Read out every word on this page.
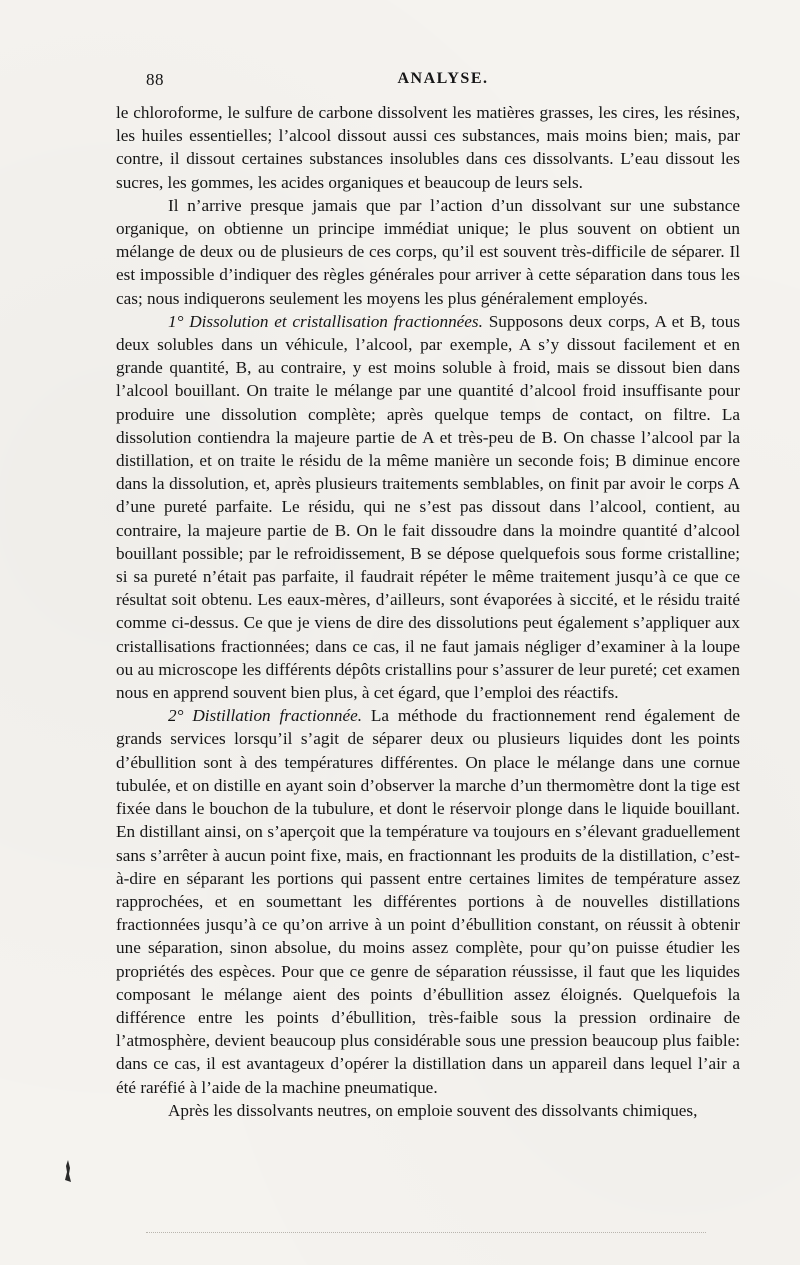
88	ANALYSE.

le chloroforme, le sulfure de carbone dissolvent les matières grasses, les cires, les résines, les huiles essentielles; l’alcool dissout aussi ces substances, mais moins bien; mais, par contre, il dissout certaines substances insolubles dans ces dissolvants. L’eau dissout les sucres, les gommes, les acides organiques et beaucoup de leurs sels.

Il n’arrive presque jamais que par l’action d’un dissolvant sur une substance organique, on obtienne un principe immédiat unique; le plus souvent on obtient un mélange de deux ou de plusieurs de ces corps, qu’il est souvent très-difficile de séparer. Il est impossible d’indiquer des règles générales pour arriver à cette séparation dans tous les cas; nous indiquerons seulement les moyens les plus généralement employés.

1° Dissolution et cristallisation fractionnées. Supposons deux corps, A et B, tous deux solubles dans un véhicule, l’alcool, par exemple, A s’y dissout facilement et en grande quantité, B, au contraire, y est moins soluble à froid, mais se dissout bien dans l’alcool bouillant. On traite le mélange par une quantité d’alcool froid insuffisante pour produire une dissolution complète; après quelque temps de contact, on filtre. La dissolution contiendra la majeure partie de A et très-peu de B. On chasse l’alcool par la distillation, et on traite le résidu de la même manière un seconde fois; B diminue encore dans la dissolution, et, après plusieurs traitements semblables, on finit par avoir le corps A d’une pureté parfaite. Le résidu, qui ne s’est pas dissout dans l’alcool, contient, au contraire, la majeure partie de B. On le fait dissoudre dans la moindre quantité d’alcool bouillant possible; par le refroidissement, B se dépose quelquefois sous forme cristalline; si sa pureté n’était pas parfaite, il faudrait répéter le même traitement jusqu’à ce que ce résultat soit obtenu. Les eaux-mères, d’ailleurs, sont évaporées à siccité, et le résidu traité comme ci-dessus. Ce que je viens de dire des dissolutions peut également s’appliquer aux cristallisations fractionnées; dans ce cas, il ne faut jamais négliger d’examiner à la loupe ou au microscope les différents dépôts cristallins pour s’assurer de leur pureté; cet examen nous en apprend souvent bien plus, à cet égard, que l’emploi des réactifs.

2° Distillation fractionnée. La méthode du fractionnement rend également de grands services lorsqu’il s’agit de séparer deux ou plusieurs liquides dont les points d’ébullition sont à des températures différentes. On place le mélange dans une cornue tubulée, et on distille en ayant soin d’observer la marche d’un thermomètre dont la tige est fixée dans le bouchon de la tubulure, et dont le réservoir plonge dans le liquide bouillant. En distillant ainsi, on s’aperçoit que la température va toujours en s’élevant graduellement sans s’arrêter à aucun point fixe, mais, en fractionnant les produits de la distillation, c’est-à-dire en séparant les portions qui passent entre certaines limites de température assez rapprochées, et en soumettant les différentes portions à de nouvelles distillations fractionnées jusqu’à ce qu’on arrive à un point d’ébullition constant, on réussit à obtenir une séparation, sinon absolue, du moins assez complète, pour qu’on puisse étudier les propriétés des espèces. Pour que ce genre de séparation réussisse, il faut que les liquides composant le mélange aient des points d’ébullition assez éloignés. Quelquefois la différence entre les points d’ébullition, très-faible sous la pression ordinaire de l’atmosphère, devient beaucoup plus considérable sous une pression beaucoup plus faible: dans ce cas, il est avantageux d’opérer la distillation dans un appareil dans lequel l’air a été raréfié à l’aide de la machine pneumatique.

Après les dissolvants neutres, on emploie souvent des dissolvants chimiques,
